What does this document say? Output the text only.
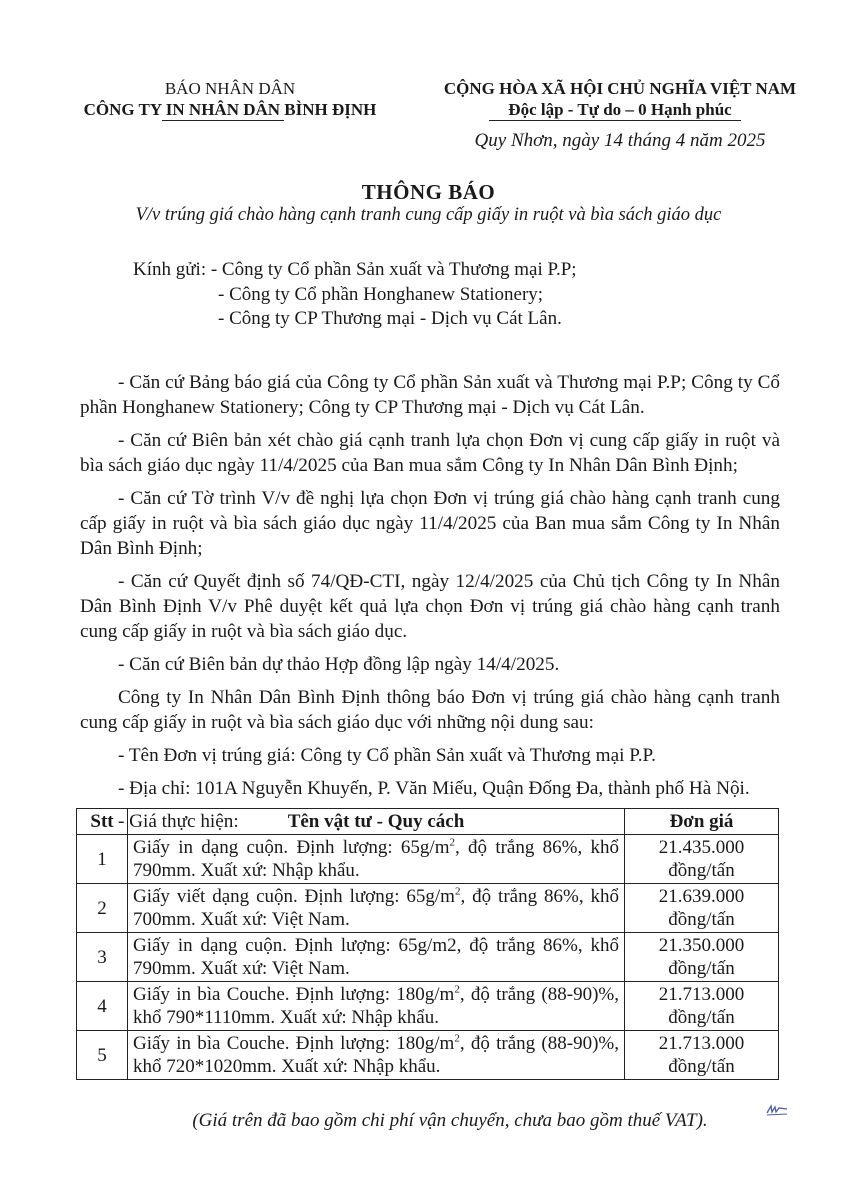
BÁO NHÂN DÂN
CÔNG TY IN NHÂN DÂN BÌNH ĐỊNH
CỘNG HÒA XÃ HỘI CHỦ NGHĨA VIỆT NAM
Độc lập - Tự do – 0 Hạnh phúc
Quy Nhơn, ngày 14 tháng 4 năm 2025
THÔNG BÁO
V/v trúng giá chào hàng cạnh tranh cung cấp giấy in ruột và bìa sách giáo dục
Kính gửi: - Công ty Cổ phần Sản xuất và Thương mại P.P;
- Công ty Cổ phần Honghanew Stationery;
- Công ty CP Thương mại - Dịch vụ Cát Lân.

- Căn cứ Bảng báo giá của Công ty Cổ phần Sản xuất và Thương mại P.P; Công ty Cổ phần Honghanew Stationery; Công ty CP Thương mại - Dịch vụ Cát Lân.

- Căn cứ Biên bản xét chào giá cạnh tranh lựa chọn Đơn vị cung cấp giấy in ruột và bìa sách giáo dục ngày 11/4/2025 của Ban mua sắm Công ty In Nhân Dân Bình Định;

- Căn cứ Tờ trình V/v đề nghị lựa chọn Đơn vị trúng giá chào hàng cạnh tranh cung cấp giấy in ruột và bìa sách giáo dục ngày 11/4/2025 của Ban mua sắm Công ty In Nhân Dân Bình Định;

- Căn cứ Quyết định số 74/QĐ-CTI, ngày 12/4/2025 của Chủ tịch Công ty In Nhân Dân Bình Định V/v Phê duyệt kết quả lựa chọn Đơn vị trúng giá chào hàng cạnh tranh cung cấp giấy in ruột và bìa sách giáo dục.

- Căn cứ Biên bản dự thảo Hợp đồng lập ngày 14/4/2025.

Công ty In Nhân Dân Bình Định thông báo Đơn vị trúng giá chào hàng cạnh tranh cung cấp giấy in ruột và bìa sách giáo dục với những nội dung sau:

- Tên Đơn vị trúng giá: Công ty Cổ phần Sản xuất và Thương mại P.P.

- Địa chỉ: 101A Nguyễn Khuyến, P. Văn Miếu, Quận Đống Đa, thành phố Hà Nội.

- Giá thực hiện:

Stt	Tên vật tư - Quy cách	Đơn giá
1	Giấy in dạng cuộn. Định lượng: $65g/m^2$, độ trắng 86%, khổ 790mm. Xuất xứ: Nhập khẩu.	21.435.000
đồng/tấn

2	Giấy viết dạng cuộn. Định lượng: $65g/m^2$, độ trắng 86%, khổ 700mm. Xuất xứ: Việt Nam.	21.639.000
đồng/tấn

3	Giấy in dạng cuộn. Định lượng: 65g/m2, độ trắng 86%, khổ 790mm. Xuất xứ: Việt Nam.	21.350.000
đồng/tấn

4	Giấy in bìa Couche. Định lượng: $180g/m^2$, độ trắng (88-90)%, khổ 790*1110mm. Xuất xứ: Nhập khẩu.	21.713.000
đồng/tấn

5	Giấy in bìa Couche. Định lượng: $180g/m^2$, độ trắng (88-90)%, khổ 720*1020mm. Xuất xứ: Nhập khẩu.	21.713.000
đồng/tấn
(Giá trên đã bao gồm chi phí vận chuyển, chưa bao gồm thuế VAT).
